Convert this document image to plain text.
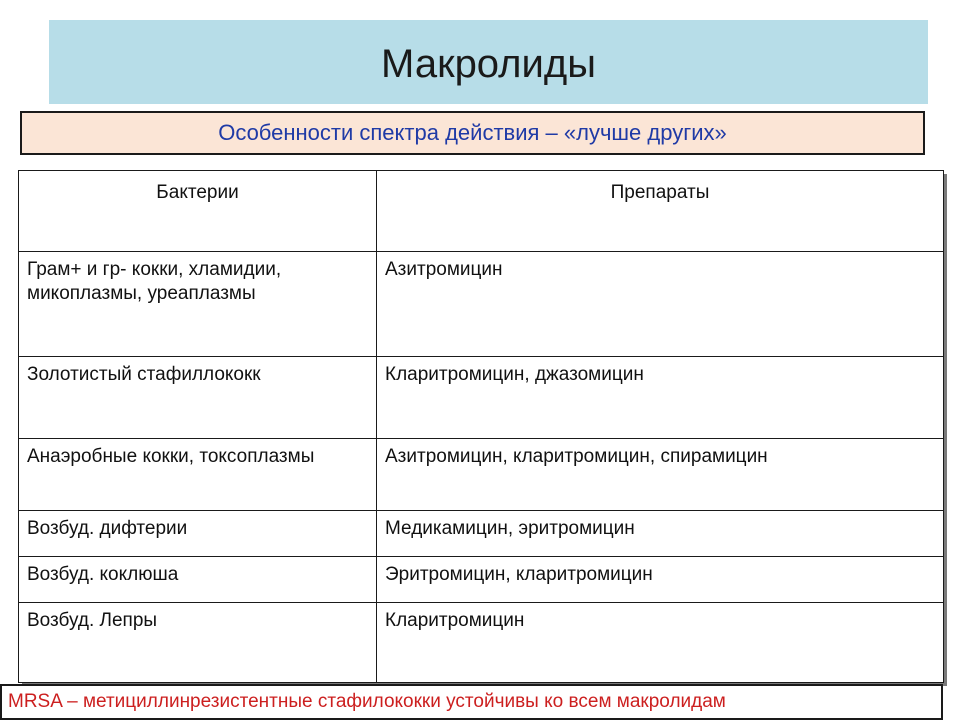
Макролиды
Особенности спектра действия – «лучше других»
Бактерии	Препараты
Грам+ и гр- кокки, хламидии, микоплазмы, уреаплазмы	Азитромицин
Золотистый стафиллококк	Кларитромицин, джазомицин
Анаэробные кокки, токсоплазмы	Азитромицин, кларитромицин, спирамицин
Возбуд. дифтерии	Медикамицин, эритромицин
Возбуд. коклюша	Эритромицин, кларитромицин
Возбуд. Лепры	Кларитромицин
MRSA – метициллинрезистентные стафилококки устойчивы ко всем макролидам
